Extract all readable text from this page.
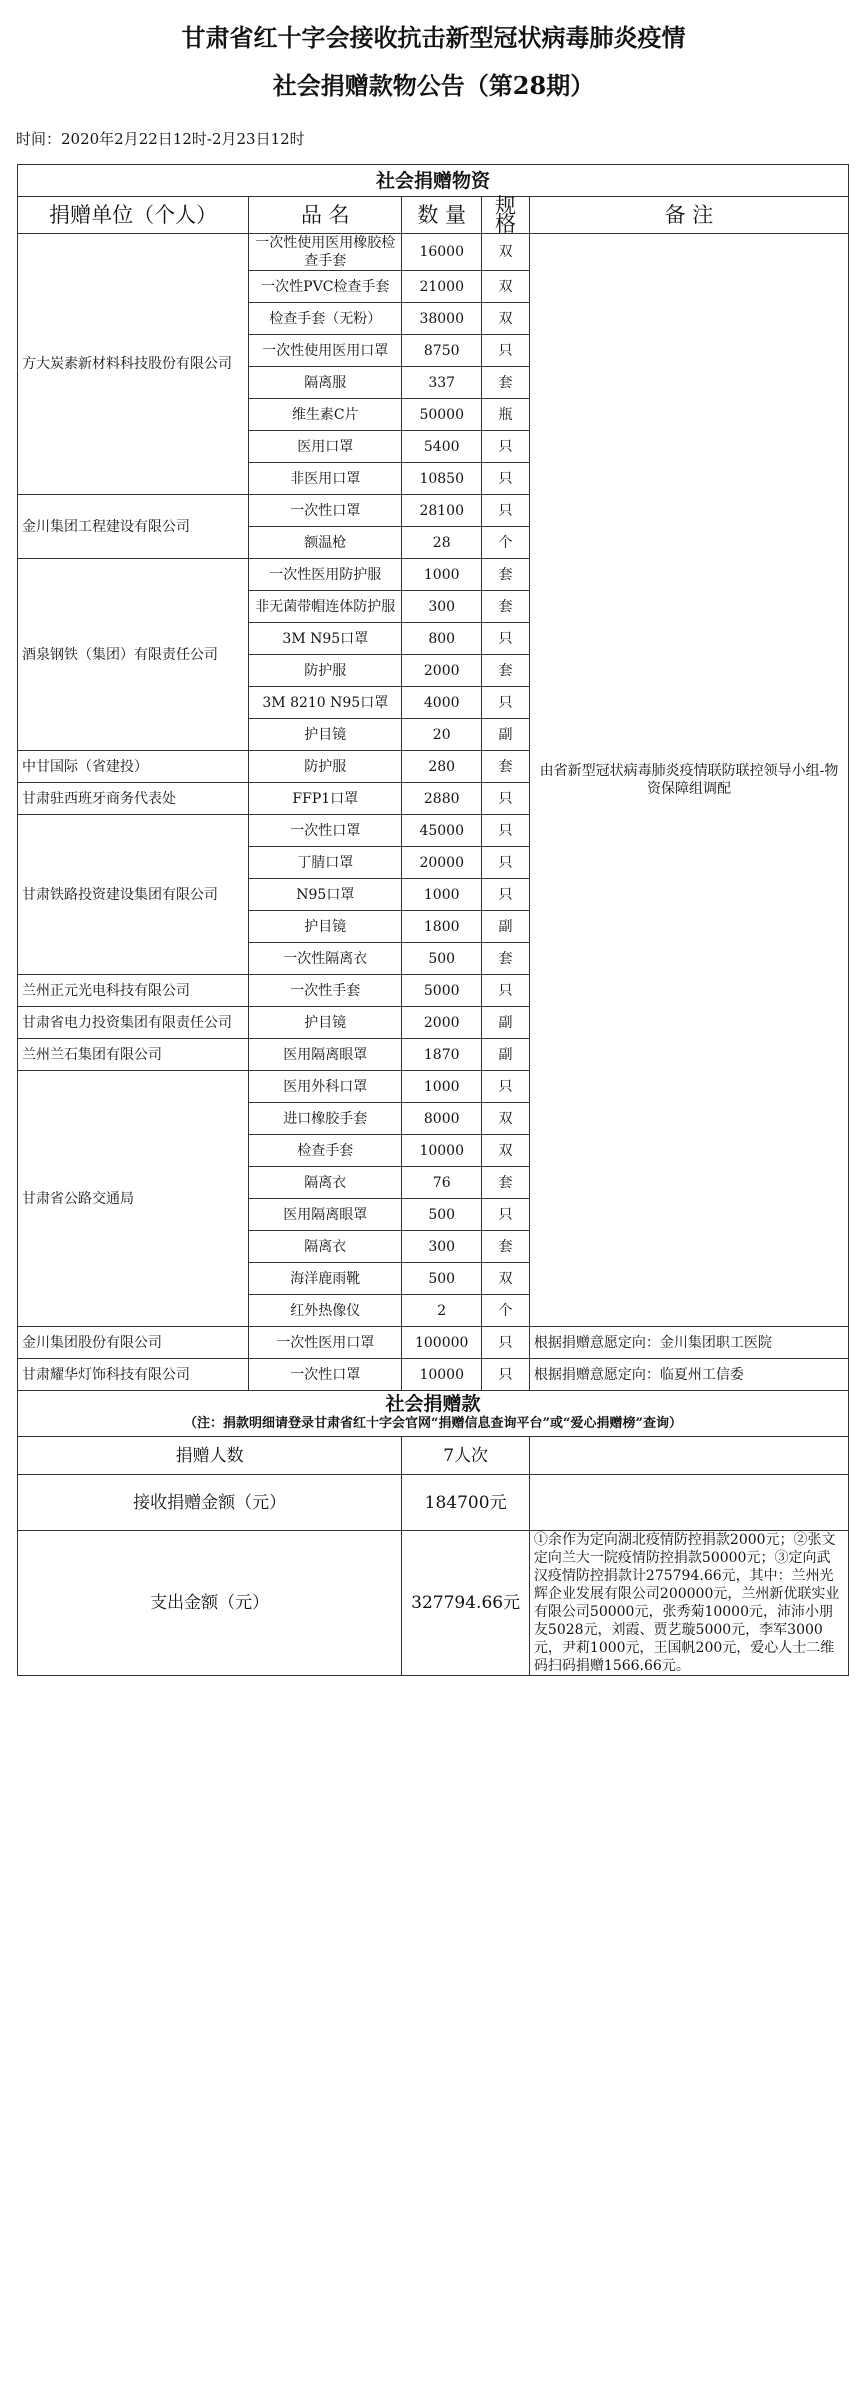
甘肃省红十字会接收抗击新型冠状病毒肺炎疫情
社会捐赠款物公告（第28期）
时间：2020年2月22日12时-2月23日12时
社会捐赠物资				
捐赠单位（个人）	品 名	数 量	规 格	备 注
方大炭素新材料科技股份有限公司	一次性使用医用橡胶检查手套	16000	双	由省新型冠状病毒肺炎疫情联防联控领导小组-物资保障组调配
	一次性PVC检查手套	21000	双	
	检查手套（无粉）	38000	双	
	一次性使用医用口罩	8750	只	
	隔离服	337	套	
	维生素C片	50000	瓶	
	医用口罩	5400	只	
	非医用口罩	10850	只	
金川集团工程建设有限公司	一次性口罩	28100	只	
	额温枪	28	个	
酒泉钢铁（集团）有限责任公司	一次性医用防护服	1000	套	
	非无菌带帽连体防护服	300	套	
	3M N95口罩	800	只	
	防护服	2000	套	
	3M 8210 N95口罩	4000	只	
	护目镜	20	副	
中甘国际（省建投）	防护服	280	套	
甘肃驻西班牙商务代表处	FFP1口罩	2880	只	
甘肃铁路投资建设集团有限公司	一次性口罩	45000	只	
	丁腈口罩	20000	只	
	N95口罩	1000	只	
	护目镜	1800	副	
	一次性隔离衣	500	套	
兰州正元光电科技有限公司	一次性手套	5000	只	
甘肃省电力投资集团有限责任公司	护目镜	2000	副	
兰州兰石集团有限公司	医用隔离眼罩	1870	副	
甘肃省公路交通局	医用外科口罩	1000	只	
	进口橡胶手套	8000	双	
	检查手套	10000	双	
	隔离衣	76	套	
	医用隔离眼罩	500	只	
	隔离衣	300	套	
	海洋鹿雨靴	500	双	
	红外热像仪	2	个	
金川集团股份有限公司	一次性医用口罩	100000	只	根据捐赠意愿定向：金川集团职工医院
甘肃耀华灯饰科技有限公司	一次性口罩	10000	只	根据捐赠意愿定向：临夏州工信委
社会捐赠款
（注：捐款明细请登录甘肃省红十字会官网“捐赠信息查询平台”或“爱心捐赠榜”查询）				

捐赠人数		7人次		
接收捐赠金额（元）		184700元		
支出金额（元）		327794.66元		①余作为定向湖北疫情防控捐款2000元；②张文定向兰大一院疫情防控捐款50000元；③定向武汉疫情防控捐款计275794.66元，其中：兰州光辉企业发展有限公司200000元，兰州新优联实业有限公司50000元，张秀菊10000元，沛沛小朋友5028元，刘霞、贾艺璇5000元，李军3000元，尹莉1000元，王国帆200元，爱心人士二维码扫码捐赠1566.66元。
